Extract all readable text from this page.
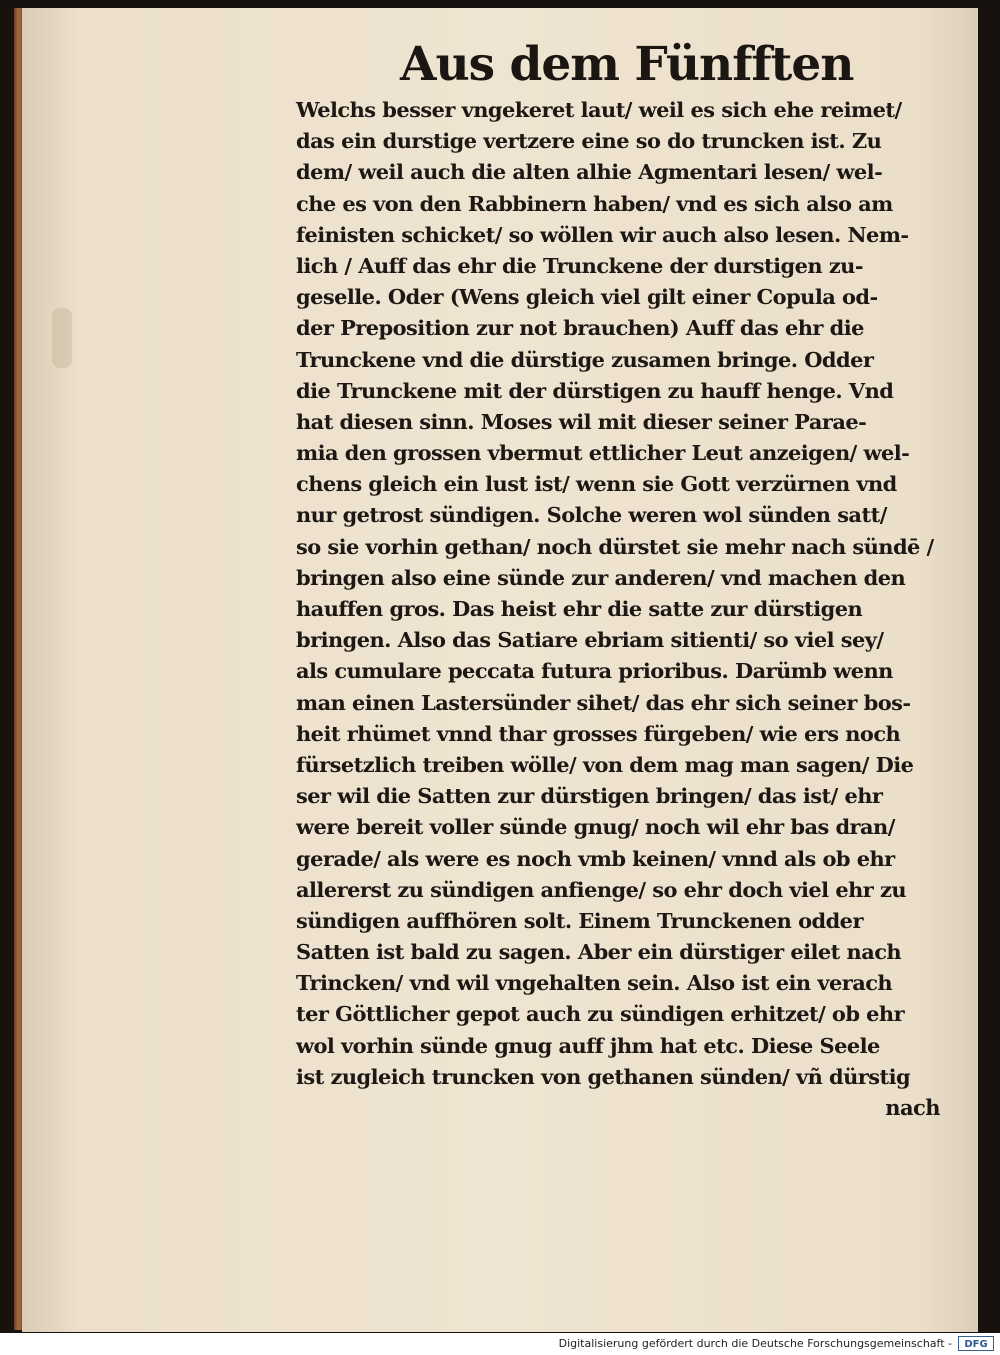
Aus dem Fünfften
Welchs besser vngekeret laut/ weil es sich ehe reimet/
das ein durstige vertzere eine so do truncken ist. Zu
dem/ weil auch die alten alhie Agmentari lesen/ wel-
che es von den Rabbinern haben/ vnd es sich also am
feinisten schicket/ so wöllen wir auch also lesen. Nem-
lich / Auff das ehr die Trunckene der durstigen zu-
geselle. Oder (Wens gleich viel gilt einer Copula od-
der Preposition zur not brauchen) Auff das ehr die
Trunckene vnd die dürstige zusamen bringe. Odder
die Trunckene mit der dürstigen zu hauff henge. Vnd
hat diesen sinn. Moses wil mit dieser seiner Parae-
mia den grossen vbermut ettlicher Leut anzeigen/ wel-
chens gleich ein lust ist/ wenn sie Gott verzürnen vnd
nur getrost sündigen. Solche weren wol sünden satt/
so sie vorhin gethan/ noch dürstet sie mehr nach sündē /
bringen also eine sünde zur anderen/ vnd machen den
hauffen gros. Das heist ehr die satte zur dürstigen
bringen. Also das Satiare ebriam sitienti/ so viel sey/
als cumulare peccata futura prioribus. Darümb wenn
man einen Lastersünder sihet/ das ehr sich seiner bos-
heit rhümet vnnd thar grosses fürgeben/ wie ers noch
fürsetzlich treiben wölle/ von dem mag man sagen/ Die
ser wil die Satten zur dürstigen bringen/ das ist/ ehr
were bereit voller sünde gnug/ noch wil ehr bas dran/
gerade/ als were es noch vmb keinen/ vnnd als ob ehr
allererst zu sündigen anfienge/ so ehr doch viel ehr zu
sündigen auffhören solt. Einem Trunckenen odder
Satten ist bald zu sagen. Aber ein dürstiger eilet nach
Trincken/ vnd wil vngehalten sein. Also ist ein verach
ter Göttlicher gepot auch zu sündigen erhitzet/ ob ehr
wol vorhin sünde gnug auff jhm hat etc. Diese Seele
ist zugleich truncken von gethanen sünden/ vñ dürstig
nach
Digitalisierung gefördert durch die Deutsche Forschungsgemeinschaft -	DFG
